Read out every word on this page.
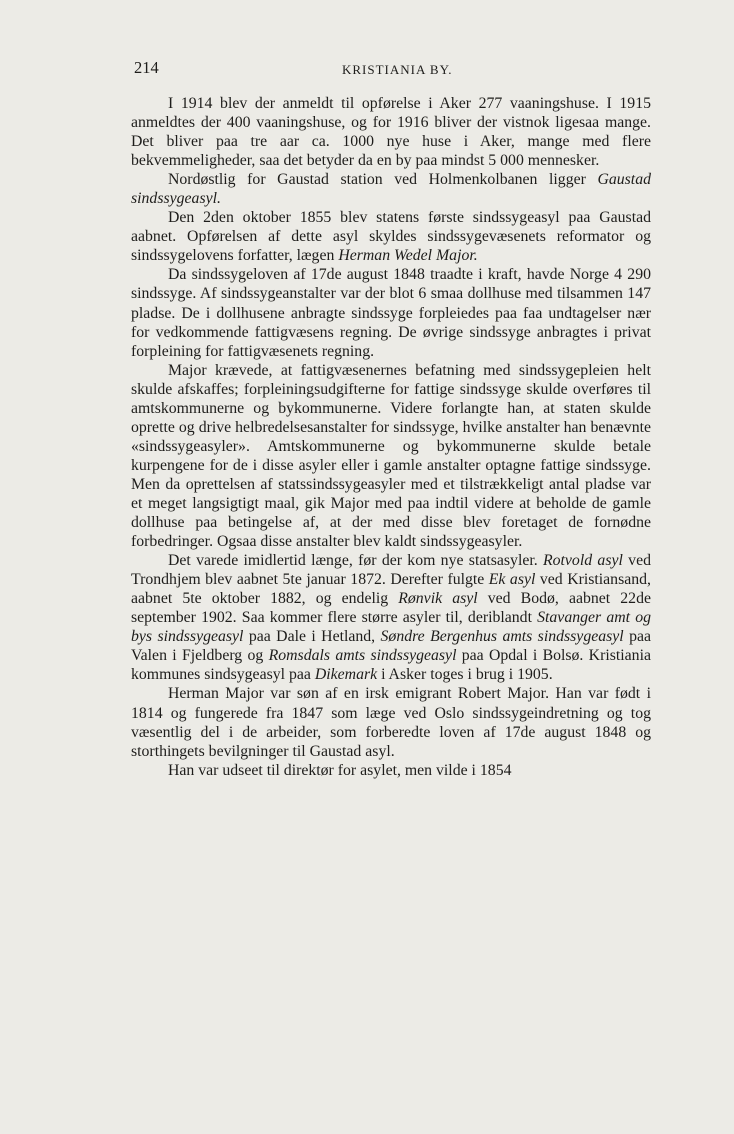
214	KRISTIANIA BY.

I 1914 blev der anmeldt til opførelse i Aker 277 vaaningshuse. I 1915 anmeldtes der 400 vaaningshuse, og for 1916 bliver der vistnok ligesaa mange. Det bliver paa tre aar ca. 1000 nye huse i Aker, mange med flere bekvemmeligheder, saa det betyder da en by paa mindst 5 000 mennesker.

Nordøstlig for Gaustad station ved Holmenkolbanen ligger Gaustad sindssygeasyl.

Den 2den oktober 1855 blev statens første sindssygeasyl paa Gaustad aabnet. Opførelsen af dette asyl skyldes sindssygevæsenets reformator og sindssygelovens forfatter, lægen Herman Wedel Major.

Da sindssygeloven af 17de august 1848 traadte i kraft, havde Norge 4 290 sindssyge. Af sindssygeanstalter var der blot 6 smaa dollhuse med tilsammen 147 pladse. De i dollhusene anbragte sindssyge forpleiedes paa faa undtagelser nær for vedkommende fattigvæsens regning. De øvrige sindssyge anbragtes i privat forpleining for fattigvæsenets regning.

Major krævede, at fattigvæsenernes befatning med sindssygepleien helt skulde afskaffes; forpleiningsudgifterne for fattige sindssyge skulde overføres til amtskommunerne og bykommunerne. Videre forlangte han, at staten skulde oprette og drive helbredelsesanstalter for sindssyge, hvilke anstalter han benævnte «sindssygeasyler». Amtskommunerne og bykommunerne skulde betale kurpengene for de i disse asyler eller i gamle anstalter optagne fattige sindssyge. Men da oprettelsen af statssindssygeasyler med et tilstrækkeligt antal pladse var et meget langsigtigt maal, gik Major med paa indtil videre at beholde de gamle dollhuse paa betingelse af, at der med disse blev foretaget de fornødne forbedringer. Ogsaa disse anstalter blev kaldt sindssygeasyler.

Det varede imidlertid længe, før der kom nye statsasyler. Rotvold asyl ved Trondhjem blev aabnet 5te januar 1872. Derefter fulgte Ek asyl ved Kristiansand, aabnet 5te oktober 1882, og endelig Rønvik asyl ved Bodø, aabnet 22de september 1902. Saa kommer flere større asyler til, deriblandt Stavanger amt og bys sindssygeasyl paa Dale i Hetland, Søndre Bergenhus amts sindssygeasyl paa Valen i Fjeldberg og Romsdals amts sindssygeasyl paa Opdal i Bolsø. Kristiania kommunes sindsygeasyl paa Dikemark i Asker toges i brug i 1905.

Herman Major var søn af en irsk emigrant Robert Major. Han var født i 1814 og fungerede fra 1847 som læge ved Oslo sindssygeindretning og tog væsentlig del i de arbeider, som forberedte loven af 17de august 1848 og storthingets bevilgninger til Gaustad asyl.

Han var udseet til direktør for asylet, men vilde i 1854
